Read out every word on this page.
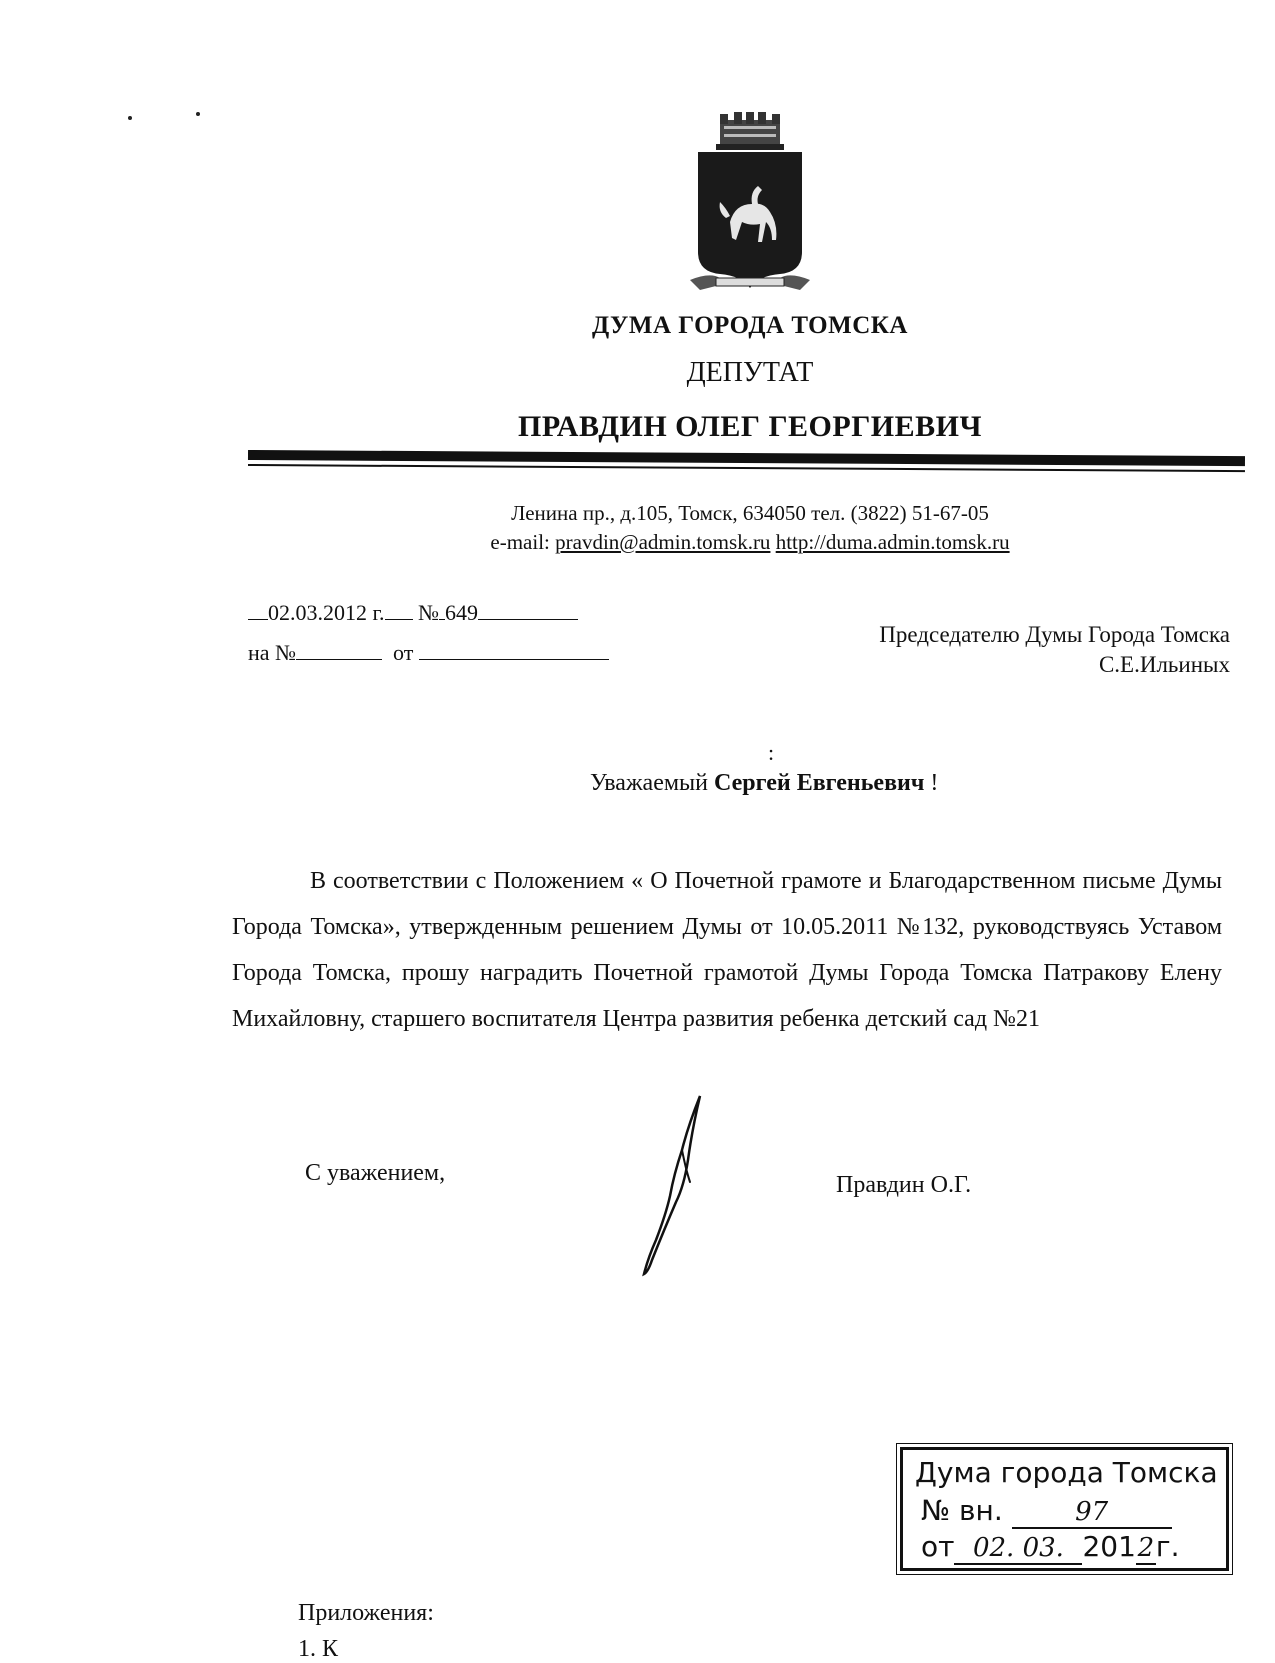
ДУМА ГОРОДА ТОМСКА
ДЕПУТАТ
ПРАВДИН ОЛЕГ ГЕОРГИЕВИЧ
Ленина пр., д.105, Томск, 634050 тел. (3822) 51-67-05
e-mail: pravdin@admin.tomsk.ru http://duma.admin.tomsk.ru
02.03.2012 г. № 649
на №	от
Председателю Думы Города Томска
С.Е.Ильиных
:
Уважаемый Сергей Евгеньевич !
В соответствии с Положением « О Почетной грамоте и Благодарственном письме Думы Города Томска», утвержденным решением Думы от 10.05.2011 №132, руководствуясь Уставом Города Томска, прошу наградить Почетной грамотой Думы Города Томска Патракову Елену Михайловну, старшего воспитателя Центра развития ребенка детский сад №21
С уважением,	Правдин О.Г.
Дума города Томска
№ вн.	97
от 02. 03. 2012г.
Приложения:
1. К
